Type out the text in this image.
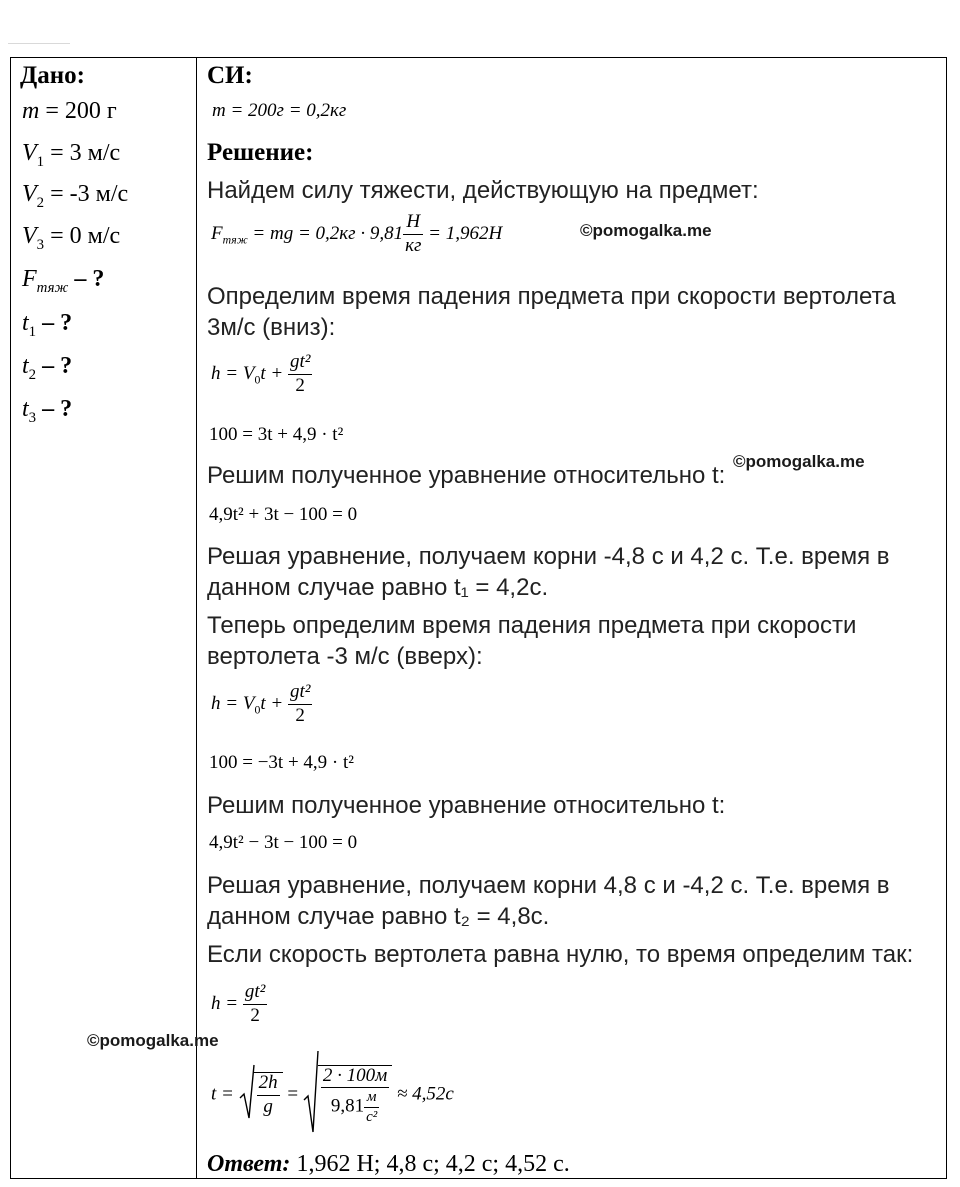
Дано:
m = 200 г
$V_1 = 3$ м/с
$V_2 = -3$ м/с
$V_3 = 0$ м/с
$F_{тяж}$ – ?
$t_1$ – ?
$t_2$ – ?
$t_3$ – ?
СИ:
m = 200г = 0,2кг
Решение:
Найдем силу тяжести, действующую на предмет:
$F_{тяж}$ = mg = $0,2кг \cdot 9,81 \frac{H}{кг} = 1,962H$	©pomogalka.me
Определим время падения предмета при скорости вертолета
3м/с (вниз):
$h = V_0t + \frac{\text{gt²}}{2}$
100 = 3t + 4,9 · t²
©pomogalka.me
Решим полученное уравнение относительно t:
4,9t² + 3t − 100 = 0
Решая уравнение, получаем корни -4,8 с и 4,2 с. Т.е. время в
данном случае равно t₁ = 4,2с.
Теперь определим время падения предмета при скорости
вертолета -3 м/с (вверх):
$h = V_0t + \frac{\text{gt²}}{2}$
100 = −3t + 4,9 · t²
Решим полученное уравнение относительно t:
4,9t² − 3t − 100 = 0
Решая уравнение, получаем корни 4,8 с и -4,2 с. Т.е. время в
данном случае равно t₂ = 4,8с.
Если скорость вертолета равна нулю, то время определим так:
$h = \frac{\text{gt²}}{2}$
©pomogalka.me
$t = \frac{2h}{g} = \frac{2 \cdot 100м}{9,81 \frac{м}{\text{с²}}} \approx 4,52с$
Ответ: 1,962 Н; 4,8 с; 4,2 с; 4,52 с.
